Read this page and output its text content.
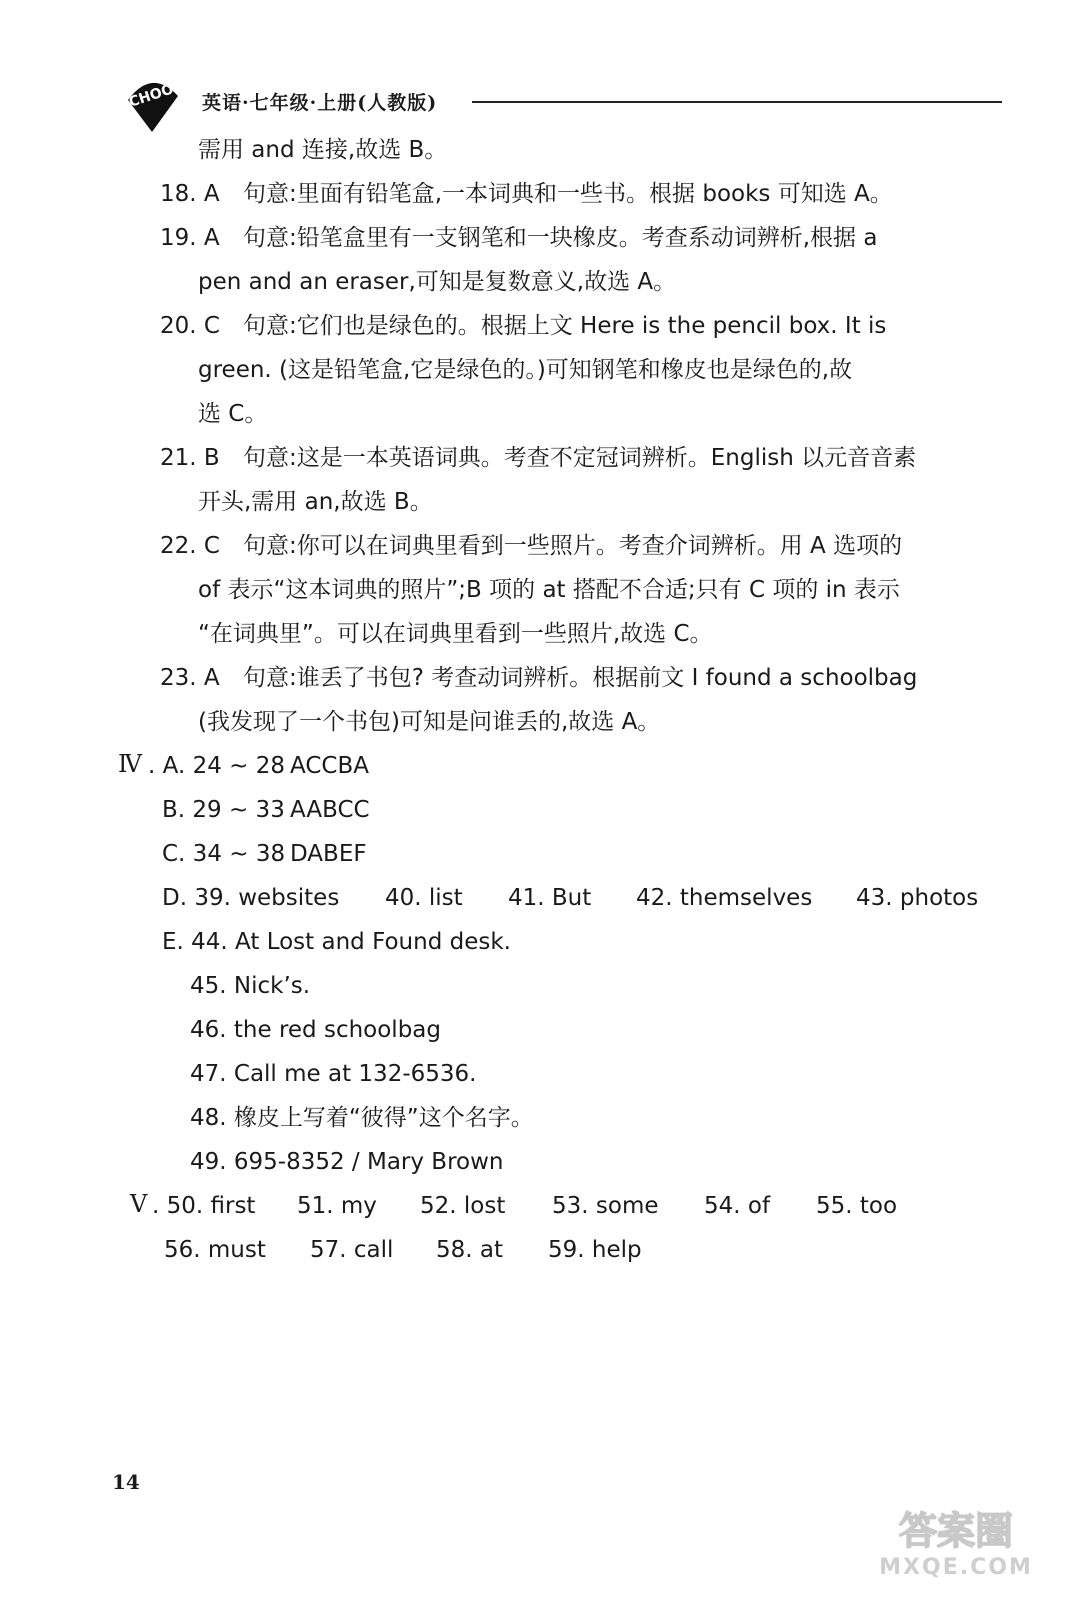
SCHOOL 英语·七年级·上册(人教版)
需用 and 连接,故选 B。
18. A 句意:里面有铅笔盒,一本词典和一些书。根据 books 可知选 A。
19. A 句意:铅笔盒里有一支钢笔和一块橡皮。考查系动词辨析,根据 a
pen and an eraser,可知是复数意义,故选 A。
20. C 句意:它们也是绿色的。根据上文 Here is the pencil box. It is
green. (这是铅笔盒,它是绿色的。)可知钢笔和橡皮也是绿色的,故
选 C。
21. B 句意:这是一本英语词典。考查不定冠词辨析。English 以元音音素
开头,需用 an,故选 B。
22. C 句意:你可以在词典里看到一些照片。考查介词辨析。用 A 选项的
of 表示“这本词典的照片”;B 项的 at 搭配不合适;只有 C 项的 in 表示
“在词典里”。可以在词典里看到一些照片,故选 C。
23. A 句意:谁丢了书包? 考查动词辨析。根据前文 I found a schoolbag
(我发现了一个书包)可知是问谁丢的,故选 A。
Ⅳ . A. 24 ~ 28 ACCBA
B. 29 ~ 33 AABCC
C. 34 ~ 38 DABEF
D. 39. websites 40. list 41. But 42. themselves 43. photos
E. 44. At Lost and Found desk.
45. Nick’s.
46. the red schoolbag
47. Call me at 132-6536.
48. 橡皮上写着“彼得”这个名字。
49. 695-8352 / Mary Brown
Ⅴ . 50. first 51. my 52. lost 53. some 54. of 55. too
56. must 57. call 58. at 59. help
14
答案圈
MXQE.COM
